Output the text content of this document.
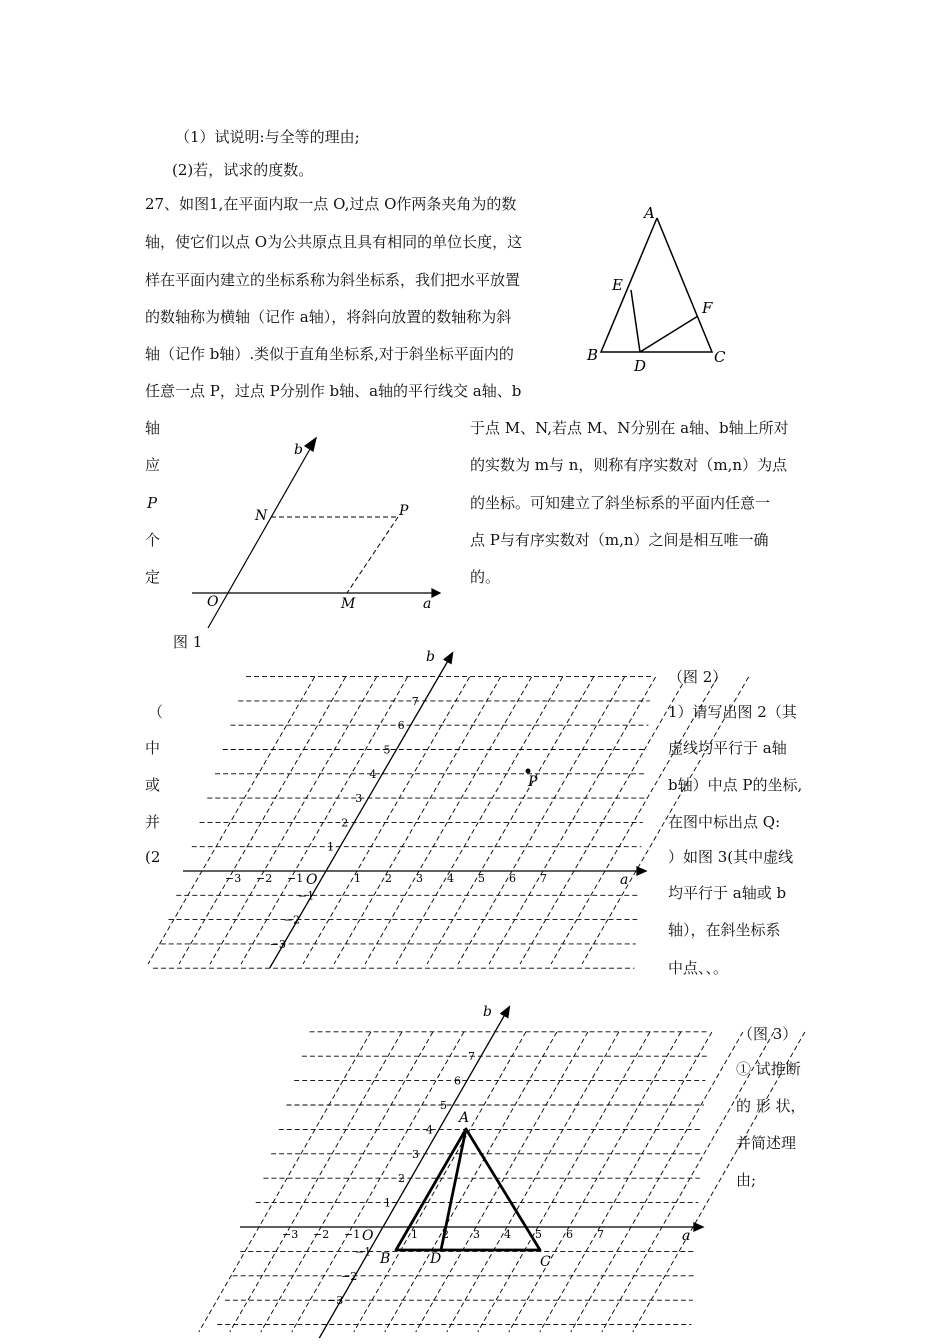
（1）试说明:与全等的理由;
(2)若，试求的度数。
27、如图1,在平面内取一点 O,过点 O作两条夹角为的数
轴，使它们以点 O为公共原点且具有相同的单位长度，这
样在平面内建立的坐标系称为斜坐标系，我们把水平放置
的数轴称为横轴（记作 a轴），将斜向放置的数轴称为斜
轴（记作 b轴）.类似于直角坐标系,对于斜坐标平面内的
任意一点 P，过点 P分别作 b轴、a轴的平行线交 a轴、b
轴
应
P
个
定
于点 M、N,若点 M、N分别在 a轴、b轴上所对
的实数为 m与 n，则称有序实数对（m,n）为点
的坐标。可知建立了斜坐标系的平面内任意一
点 P与有序实数对（m,n）之间是相互唯一确
的。
图 1
（图 2）
1）请写出图 2（其
虚线均平行于 a轴
b轴）中点 P的坐标,
在图中标出点 Q:
）如图 3(其中虚线
均平行于 a轴或 b
轴），在斜坐标系
中点、、。
（
中
或
并
(2
（图 3）
① 试推断
的 形 状，
并简述理
由;
A
E
F
B
D	C
b
N	P
O	M	a
1 2 3 4 5 6 7
−3 −2 −1
1
2
3
4
5
6
7
−1
−2
−3
a
b
O
P
1 2 3 4 5 6 7
−3 −2 −1
1
2
3
4
5
6
7
−1
−2
−3
a
b
O
A
B	D	C
